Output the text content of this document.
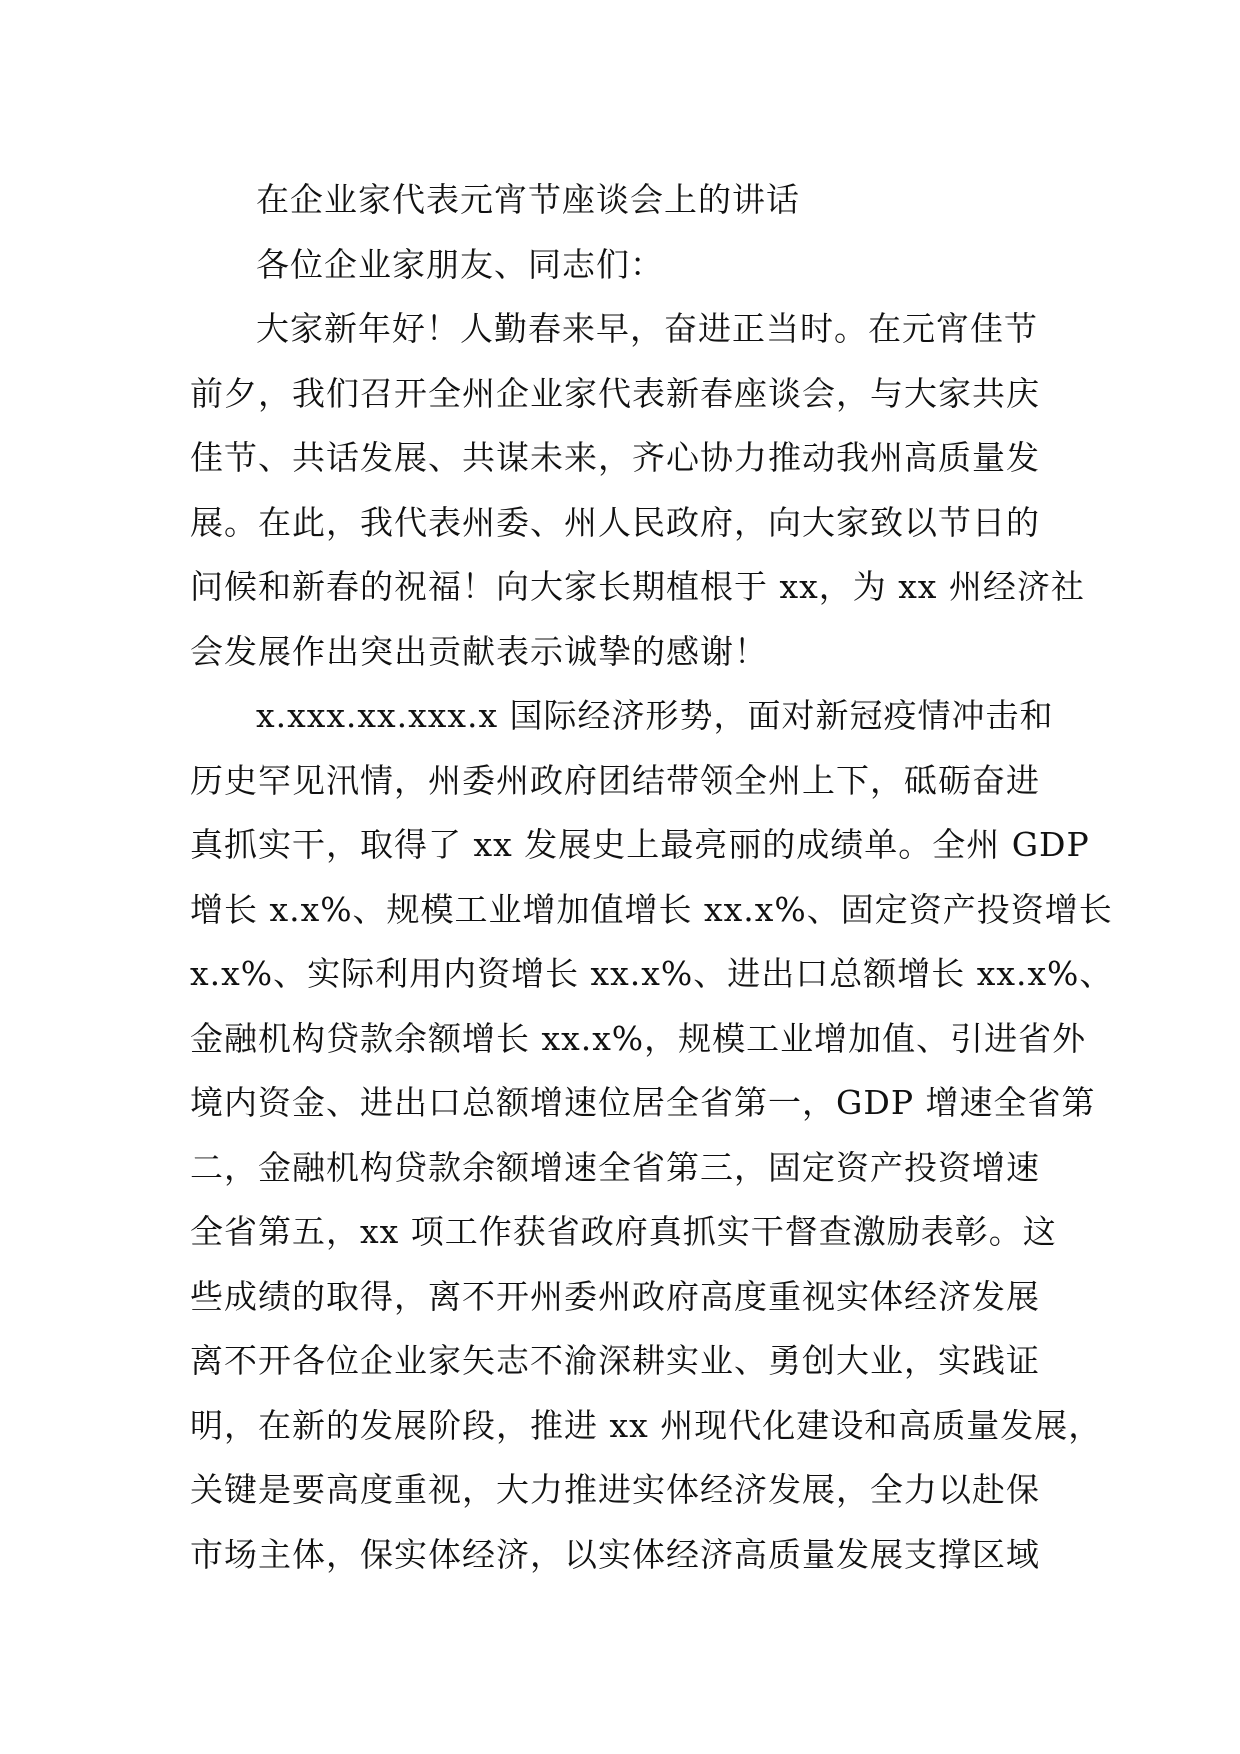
在企业家代表元宵节座谈会上的讲话
各位企业家朋友、同志们：
大家新年好！人勤春来早，奋进正当时。在元宵佳节
前夕，我们召开全州企业家代表新春座谈会，与大家共庆
佳节、共话发展、共谋未来，齐心协力推动我州高质量发
展。在此，我代表州委、州人民政府，向大家致以节日的
问候和新春的祝福！向大家长期植根于 xx，为 xx 州经济社
会发展作出突出贡献表示诚挚的感谢！
x.xxx.xx.xxx.x 国际经济形势，面对新冠疫情冲击和
历史罕见汛情，州委州政府团结带领全州上下，砥砺奋进
真抓实干，取得了 xx 发展史上最亮丽的成绩单。全州 GDP
增长 x.x%、规模工业增加值增长 xx.x%、固定资产投资增长
x.x%、实际利用内资增长 xx.x%、进出口总额增长 xx.x%、
金融机构贷款余额增长 xx.x%，规模工业增加值、引进省外
境内资金、进出口总额增速位居全省第一，GDP 增速全省第
二，金融机构贷款余额增速全省第三，固定资产投资增速
全省第五，xx 项工作获省政府真抓实干督查激励表彰。这
些成绩的取得，离不开州委州政府高度重视实体经济发展
离不开各位企业家矢志不渝深耕实业、勇创大业，实践证
明，在新的发展阶段，推进 xx 州现代化建设和高质量发展，
关键是要高度重视，大力推进实体经济发展，全力以赴保
市场主体，保实体经济，以实体经济高质量发展支撑区域
